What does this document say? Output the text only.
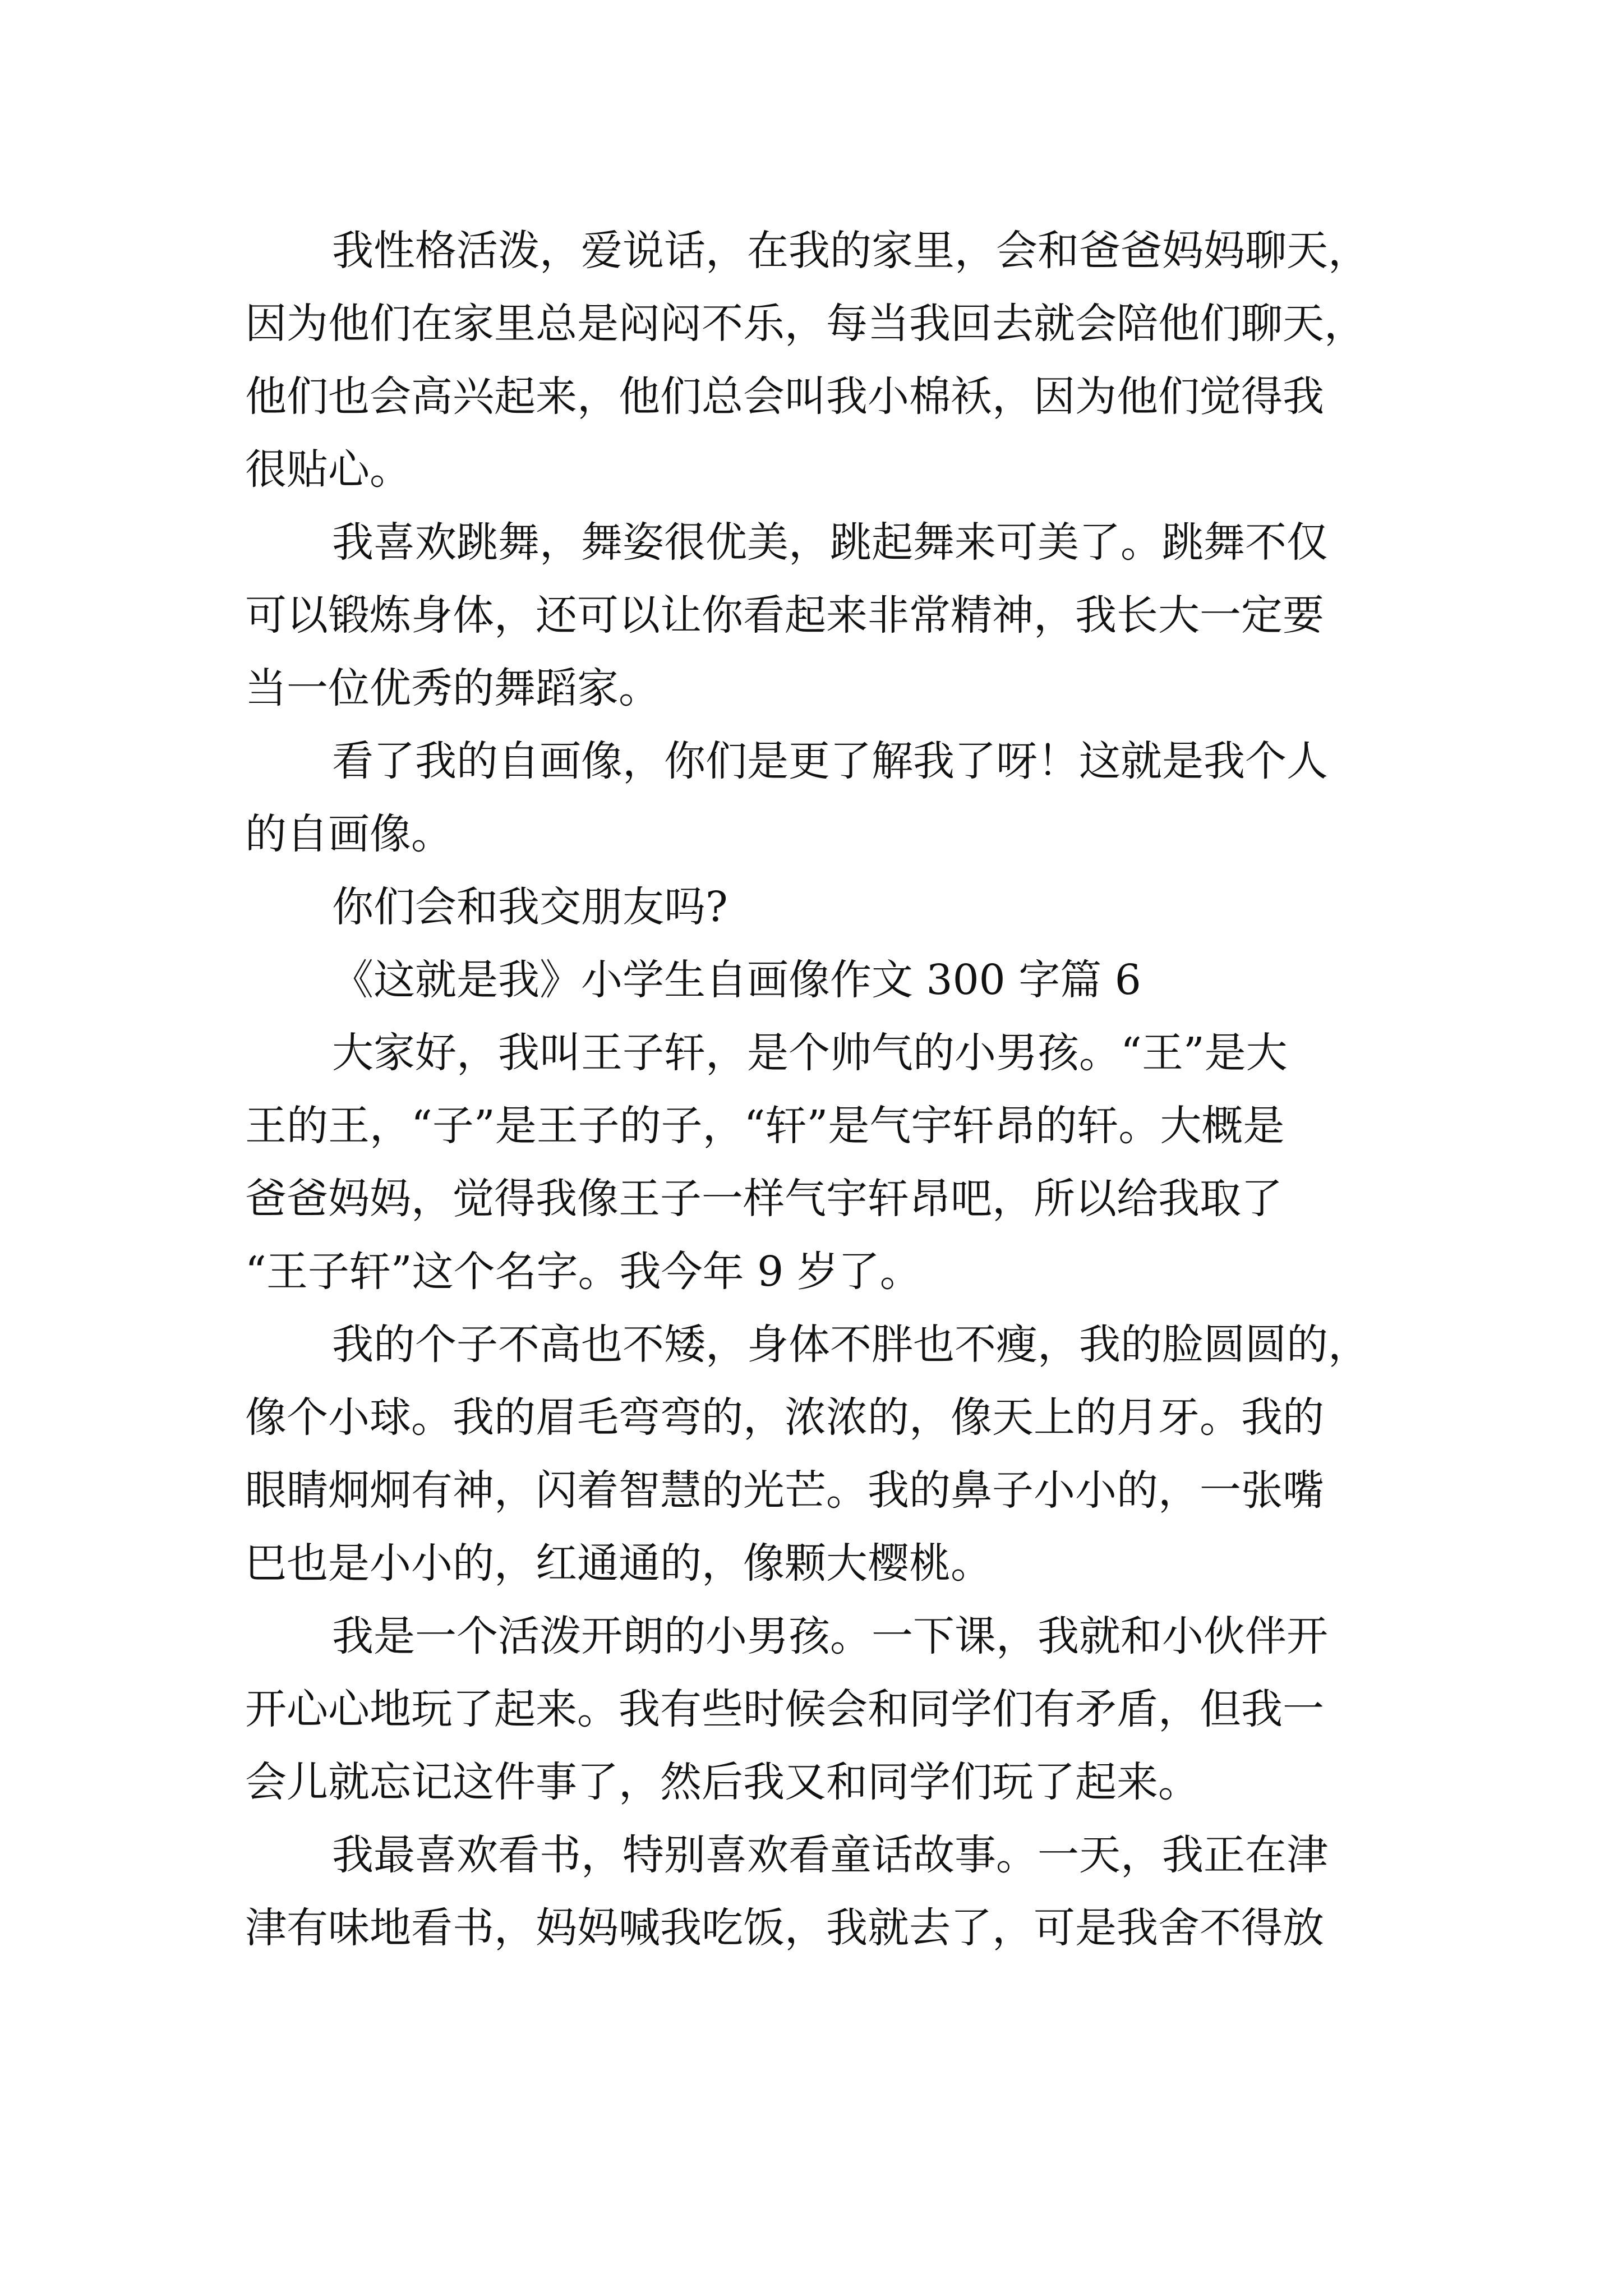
我性格活泼，爱说话，在我的家里，会和爸爸妈妈聊天，
因为他们在家里总是闷闷不乐，每当我回去就会陪他们聊天，
他们也会高兴起来，他们总会叫我小棉袄，因为他们觉得我
很贴心。
我喜欢跳舞，舞姿很优美，跳起舞来可美了。跳舞不仅
可以锻炼身体，还可以让你看起来非常精神，我长大一定要
当一位优秀的舞蹈家。
看了我的自画像，你们是更了解我了呀！这就是我个人
的自画像。
你们会和我交朋友吗?
《这就是我》小学生自画像作文 300 字篇 6
大家好，我叫王子轩，是个帅气的小男孩。“王”是大
王的王，“子”是王子的子，“轩”是气宇轩昂的轩。大概是
爸爸妈妈，觉得我像王子一样气宇轩昂吧，所以给我取了
“王子轩”这个名字。我今年 9 岁了。
我的个子不高也不矮，身体不胖也不瘦，我的脸圆圆的，
像个小球。我的眉毛弯弯的，浓浓的，像天上的月牙。我的
眼睛炯炯有神，闪着智慧的光芒。我的鼻子小小的，一张嘴
巴也是小小的，红通通的，像颗大樱桃。
我是一个活泼开朗的小男孩。一下课，我就和小伙伴开
开心心地玩了起来。我有些时候会和同学们有矛盾，但我一
会儿就忘记这件事了，然后我又和同学们玩了起来。
我最喜欢看书，特别喜欢看童话故事。一天，我正在津
津有味地看书，妈妈喊我吃饭，我就去了，可是我舍不得放
